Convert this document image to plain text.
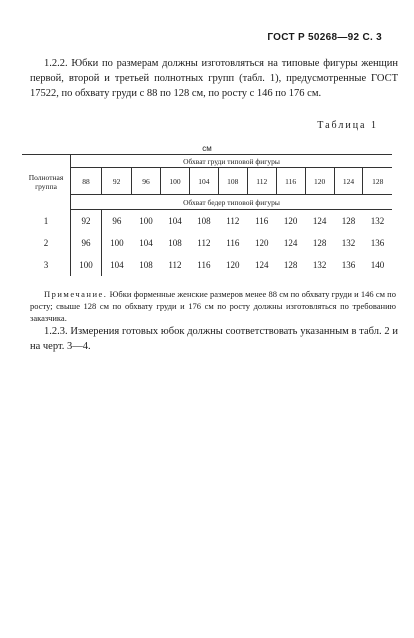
ГОСТ Р 50268—92 С. 3

1.2.2. Юбки по размерам должны изготовляться на типовые фигуры женщин первой, второй и третьей полнотных групп (табл. 1), предусмотренные ГОСТ 17522, по обхвату груди с 88 по 128 см, по росту с 146 по 176 см.

Таблица 1
см											
Полнотная группа	Обхват груди типовой фигуры										
	88	92	96	100	104	108	112	116	120	124	128
	Обхват бедер типовой фигуры										
1	92	96	100	104	108	112	116	120	124	128	132
2	96	100	104	108	112	116	120	124	128	132	136
3	100	104	108	112	116	120	124	128	132	136	140
Примечание. Юбки форменные женские размеров менее 88 см по обхвату груди и 146 см по росту; свыше 128 см по обхвату груди и 176 см по росту должны изготовляться по требованию заказчика.

1.2.3. Измерения готовых юбок должны соответствовать указанным в табл. 2 и на черт. 3—4.
